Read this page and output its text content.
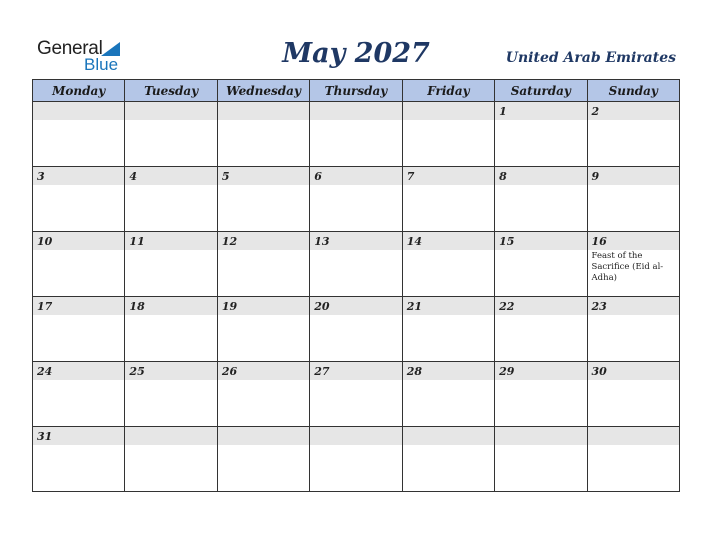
General
Blue	May 2027	United Arab Emirates
Monday	Tuesday	Wednesday	Thursday	Friday	Saturday	Sunday

					1	2

3	4	5	6	7	8	9

10	11	12	13	14	15	16
Feast of the Sacrifice (Eid al-Adha)

17	18	19	20	21	22	23

24	25	26	27	28	29	30

31						
